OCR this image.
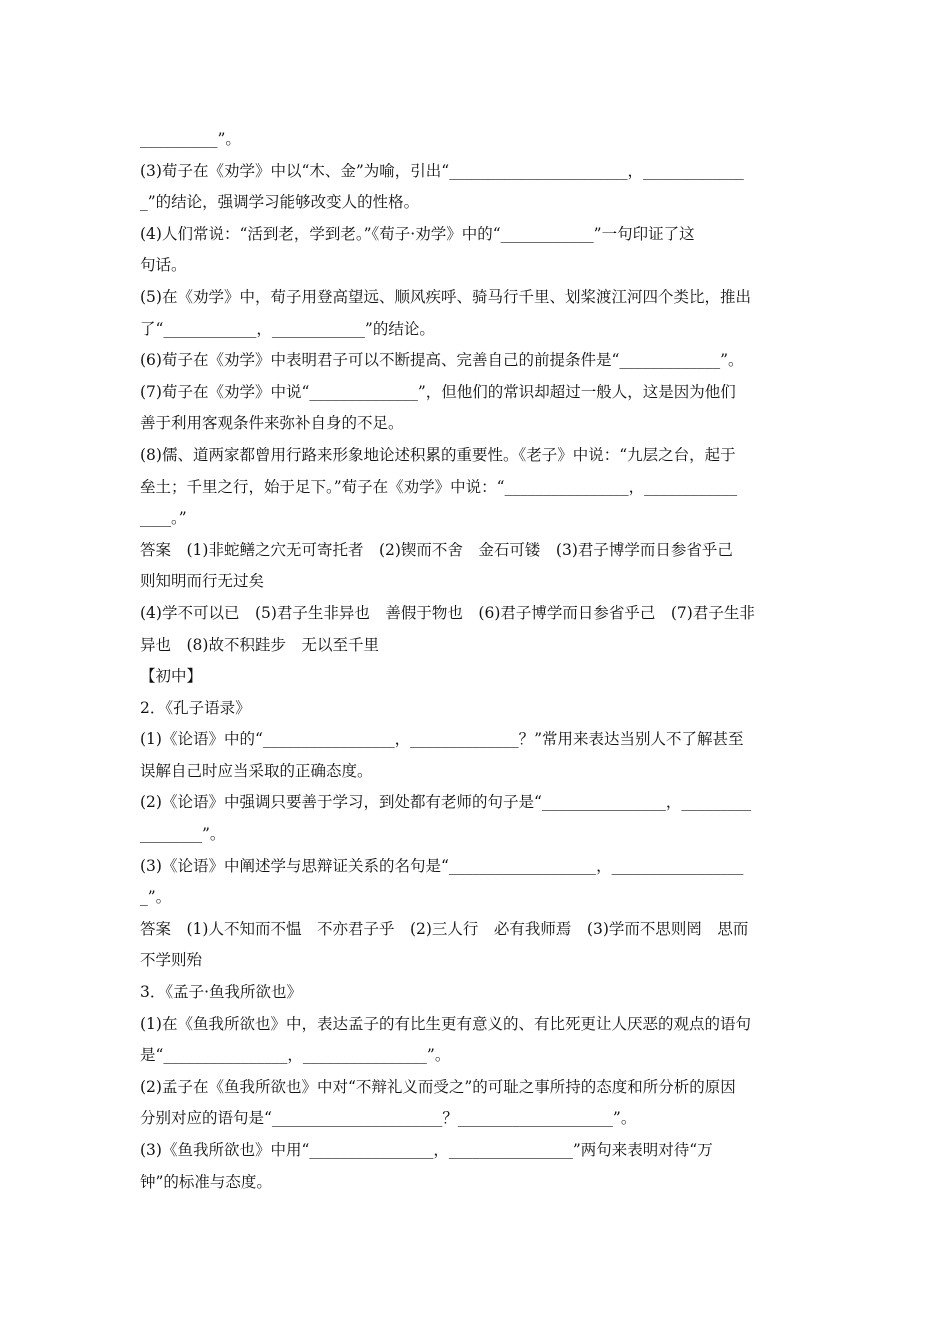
__________”。
(3)荀子在《劝学》中以“木、金”为喻，引出“_______________________，_____________
_”的结论，强调学习能够改变人的性格。
(4)人们常说：“活到老，学到老。”《荀子·劝学》中的“____________”一句印证了这
句话。
(5)在《劝学》中，荀子用登高望远、顺风疾呼、骑马行千里、划桨渡江河四个类比，推出
了“____________，____________”的结论。
(6)荀子在《劝学》中表明君子可以不断提高、完善自己的前提条件是“_____________”。
(7)荀子在《劝学》中说“______________”，但他们的常识却超过一般人，这是因为他们
善于利用客观条件来弥补自身的不足。
(8)儒、道两家都曾用行路来形象地论述积累的重要性。《老子》中说：“九层之台，起于
垒土；千里之行，始于足下。”荀子在《劝学》中说：“________________，____________
____。”
答案　(1)非蛇鳝之穴无可寄托者　(2)锲而不舍　金石可镂　(3)君子博学而日参省乎己
则知明而行无过矣
(4)学不可以已　(5)君子生非异也　善假于物也　(6)君子博学而日参省乎己　(7)君子生非
异也　(8)故不积跬步　无以至千里
【初中】
2．《孔子语录》
(1)《论语》中的“_________________，______________？”常用来表达当别人不了解甚至
误解自己时应当采取的正确态度。
(2)《论语》中强调只要善于学习，到处都有老师的句子是“________________，_________
________”。
(3)《论语》中阐述学与思辩证关系的名句是“___________________，_________________
_”。
答案　(1)人不知而不愠　不亦君子乎　(2)三人行　必有我师焉　(3)学而不思则罔　思而
不学则殆
3．《孟子·鱼我所欲也》
(1)在《鱼我所欲也》中，表达孟子的有比生更有意义的、有比死更让人厌恶的观点的语句
是“________________，________________”。
(2)孟子在《鱼我所欲也》中对“不辩礼义而受之”的可耻之事所持的态度和所分析的原因
分别对应的语句是“______________________？____________________”。
(3)《鱼我所欲也》中用“________________，________________”两句来表明对待“万
钟”的标准与态度。
